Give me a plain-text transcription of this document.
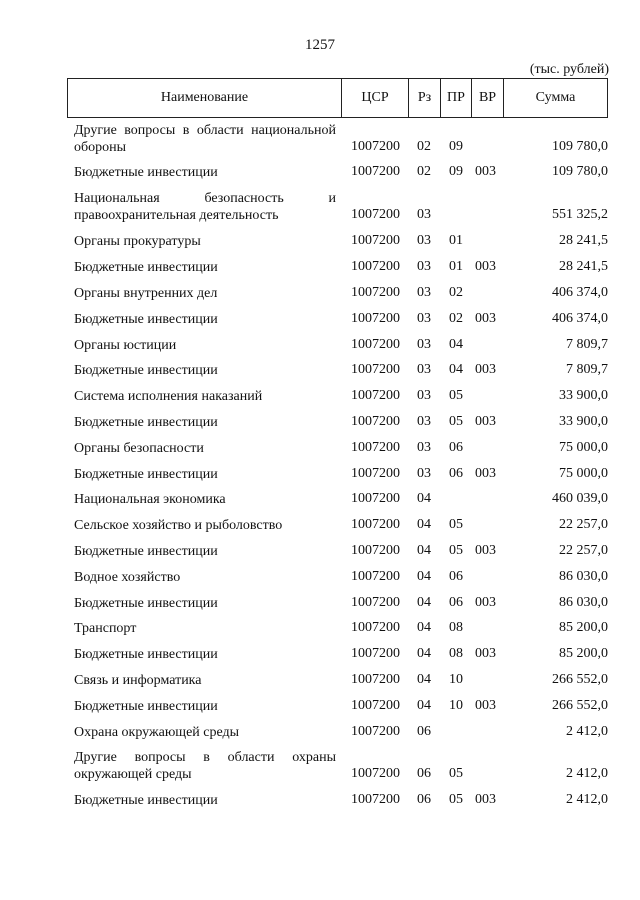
1257
(тыс. рублей)
Наименование	ЦСР	Рз	ПР ВР	Сумма
Другие вопросы в области национальной обороны	1007200 02 09	109 780,0
Бюджетные инвестиции	1007200 02 09 003	109 780,0
Национальная безопасность и правоохранительная деятельность	1007200 03	551 325,2
Органы прокуратуры	1007200 03 01	28 241,5
Бюджетные инвестиции	1007200 03 01 003	28 241,5
Органы внутренних дел	1007200 03 02	406 374,0
Бюджетные инвестиции	1007200 03 02 003	406 374,0
Органы юстиции	1007200 03 04	7 809,7
Бюджетные инвестиции	1007200 03 04 003	7 809,7
Система исполнения наказаний	1007200 03 05	33 900,0
Бюджетные инвестиции	1007200 03 05 003	33 900,0
Органы безопасности	1007200 03 06	75 000,0
Бюджетные инвестиции	1007200 03 06 003	75 000,0
Национальная экономика	1007200 04	460 039,0
Сельское хозяйство и рыболовство	1007200 04 05	22 257,0
Бюджетные инвестиции	1007200 04 05 003	22 257,0
Водное хозяйство	1007200 04 06	86 030,0
Бюджетные инвестиции	1007200 04 06 003	86 030,0
Транспорт	1007200 04 08	85 200,0
Бюджетные инвестиции	1007200 04 08 003	85 200,0
Связь и информатика	1007200 04 10	266 552,0
Бюджетные инвестиции	1007200 04 10 003	266 552,0
Охрана окружающей среды	1007200 06	2 412,0
Другие вопросы в области охраны окружающей среды	1007200 06 05	2 412,0
Бюджетные инвестиции	1007200 06 05 003	2 412,0
